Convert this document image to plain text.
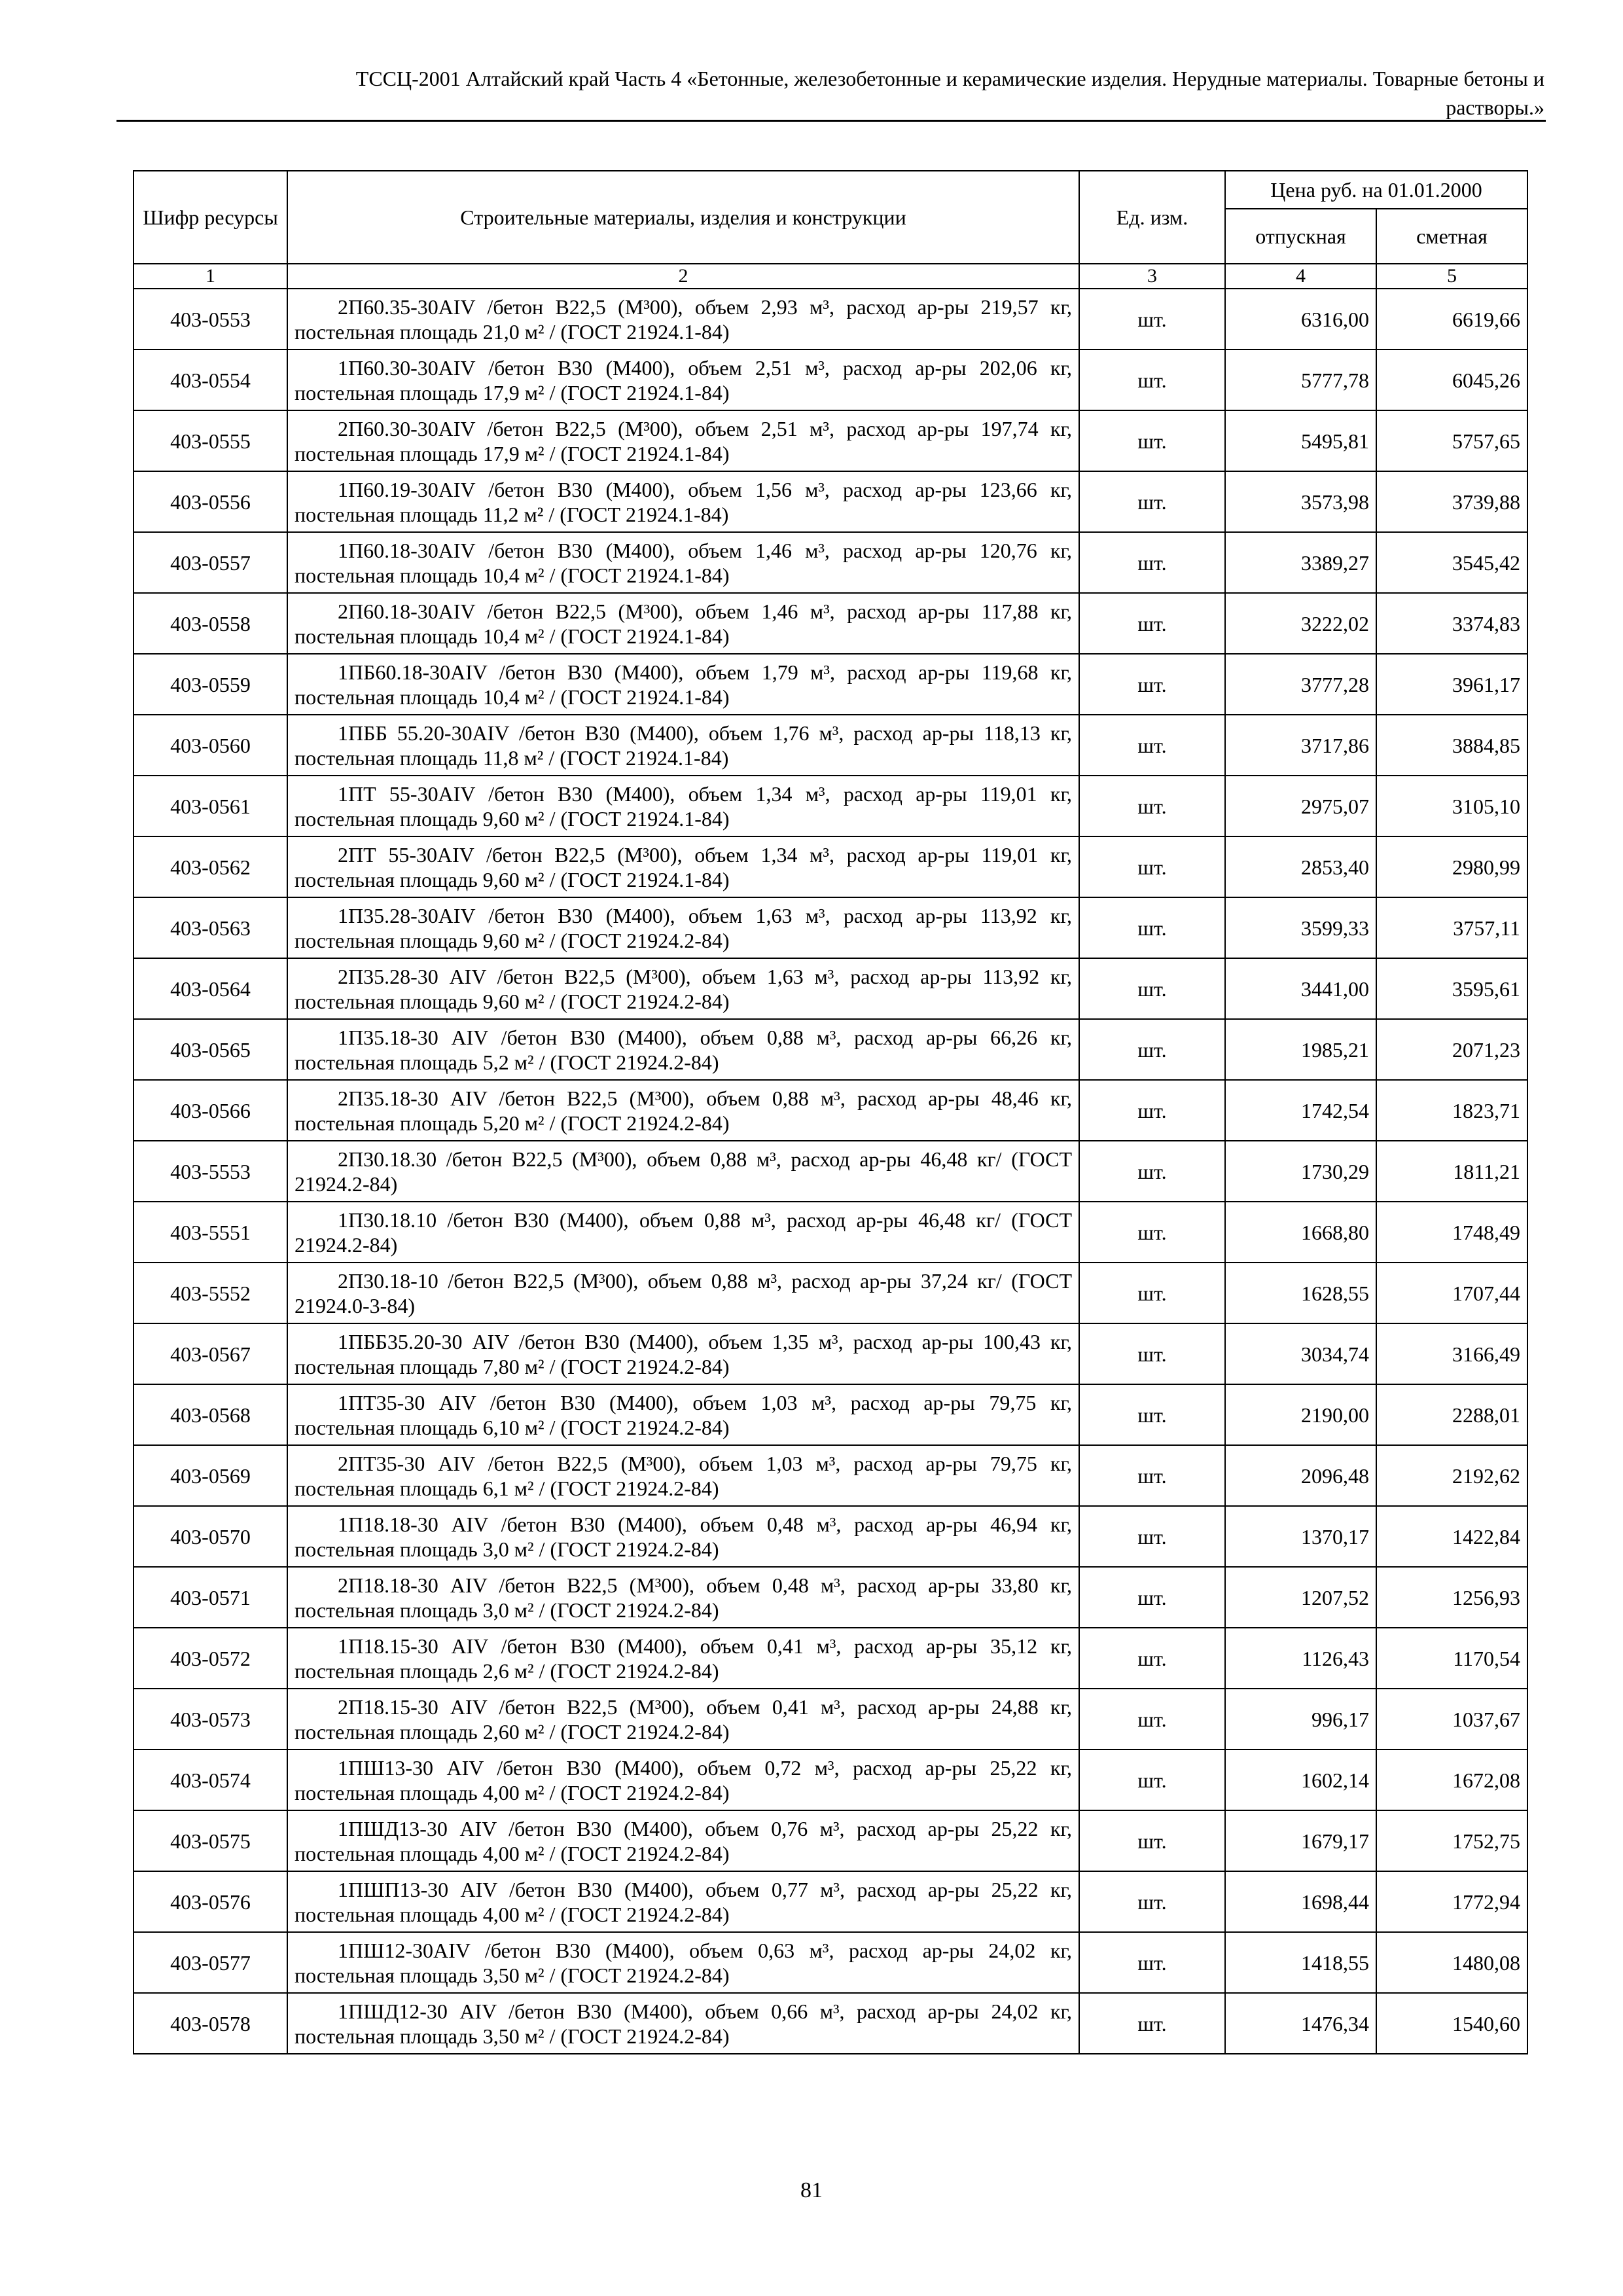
ТССЦ-2001 Алтайский край Часть 4 «Бетонные, железобетонные и керамические изделия. Нерудные материалы. Товарные бетоны и
растворы.»
Шифр ресурсы	Строительные материалы, изделия и конструкции	Ед. изм.	Цена руб. на 01.01.2000	
			отпускная	сметная
1	2	3	4	5
403-0553	2П60.35-30AIV /бетон В22,5 (М³00), объем 2,93 м³, расход ар-ры 219,57 кг, постельная площадь 21,0 м² / (ГОСТ 21924.1-84)	шт.	6316,00	6619,66
403-0554	1П60.30-30AIV /бетон В30 (М400), объем 2,51 м³, расход ар-ры 202,06 кг, постельная площадь 17,9 м² / (ГОСТ 21924.1-84)	шт.	5777,78	6045,26
403-0555	2П60.30-30AIV /бетон В22,5 (М³00), объем 2,51 м³, расход ар-ры 197,74 кг, постельная площадь 17,9 м² / (ГОСТ 21924.1-84)	шт.	5495,81	5757,65
403-0556	1П60.19-30AIV /бетон В30 (М400), объем 1,56 м³, расход ар-ры 123,66 кг, постельная площадь 11,2 м² / (ГОСТ 21924.1-84)	шт.	3573,98	3739,88
403-0557	1П60.18-30AIV /бетон В30 (М400), объем 1,46 м³, расход ар-ры 120,76 кг, постельная площадь 10,4 м² / (ГОСТ 21924.1-84)	шт.	3389,27	3545,42
403-0558	2П60.18-30AIV /бетон В22,5 (М³00), объем 1,46 м³, расход ар-ры 117,88 кг, постельная площадь 10,4 м² / (ГОСТ 21924.1-84)	шт.	3222,02	3374,83
403-0559	1ПБ60.18-30AIV /бетон В30 (М400), объем 1,79 м³, расход ар-ры 119,68 кг, постельная площадь 10,4 м² / (ГОСТ 21924.1-84)	шт.	3777,28	3961,17
403-0560	1ПББ 55.20-30AIV /бетон В30 (М400), объем 1,76 м³, расход ар-ры 118,13 кг, постельная площадь 11,8 м² / (ГОСТ 21924.1-84)	шт.	3717,86	3884,85
403-0561	1ПТ 55-30AIV /бетон В30 (М400), объем 1,34 м³, расход ар-ры 119,01 кг, постельная площадь 9,60 м² / (ГОСТ 21924.1-84)	шт.	2975,07	3105,10
403-0562	2ПТ 55-30AIV /бетон В22,5 (М³00), объем 1,34 м³, расход ар-ры 119,01 кг, постельная площадь 9,60 м² / (ГОСТ 21924.1-84)	шт.	2853,40	2980,99
403-0563	1П35.28-30AIV /бетон В30 (М400), объем 1,63 м³, расход ар-ры 113,92 кг, постельная площадь 9,60 м² / (ГОСТ 21924.2-84)	шт.	3599,33	3757,11
403-0564	2П35.28-30 AIV /бетон В22,5 (М³00), объем 1,63 м³, расход ар-ры 113,92 кг, постельная площадь 9,60 м² / (ГОСТ 21924.2-84)	шт.	3441,00	3595,61
403-0565	1П35.18-30 AIV /бетон В30 (М400), объем 0,88 м³, расход ар-ры 66,26 кг, постельная площадь 5,2 м² / (ГОСТ 21924.2-84)	шт.	1985,21	2071,23
403-0566	2П35.18-30 AIV /бетон В22,5 (М³00), объем 0,88 м³, расход ар-ры 48,46 кг, постельная площадь 5,20 м² / (ГОСТ 21924.2-84)	шт.	1742,54	1823,71
403-5553	2П30.18.30 /бетон В22,5 (М³00), объем 0,88 м³, расход ар-ры 46,48 кг/ (ГОСТ 21924.2-84)	шт.	1730,29	1811,21
403-5551	1П30.18.10 /бетон В30 (М400), объем 0,88 м³, расход ар-ры 46,48 кг/ (ГОСТ 21924.2-84)	шт.	1668,80	1748,49
403-5552	2П30.18-10 /бетон В22,5 (М³00), объем 0,88 м³, расход ар-ры 37,24 кг/ (ГОСТ 21924.0-3-84)	шт.	1628,55	1707,44
403-0567	1ПББ35.20-30 AIV /бетон В30 (М400), объем 1,35 м³, расход ар-ры 100,43 кг, постельная площадь 7,80 м² / (ГОСТ 21924.2-84)	шт.	3034,74	3166,49
403-0568	1ПТ35-30 AIV /бетон В30 (М400), объем 1,03 м³, расход ар-ры 79,75 кг, постельная площадь 6,10 м² / (ГОСТ 21924.2-84)	шт.	2190,00	2288,01
403-0569	2ПТ35-30 AIV /бетон В22,5 (М³00), объем 1,03 м³, расход ар-ры 79,75 кг, постельная площадь 6,1 м² / (ГОСТ 21924.2-84)	шт.	2096,48	2192,62
403-0570	1П18.18-30 AIV /бетон В30 (М400), объем 0,48 м³, расход ар-ры 46,94 кг, постельная площадь 3,0 м² / (ГОСТ 21924.2-84)	шт.	1370,17	1422,84
403-0571	2П18.18-30 AIV /бетон В22,5 (М³00), объем 0,48 м³, расход ар-ры 33,80 кг, постельная площадь 3,0 м² / (ГОСТ 21924.2-84)	шт.	1207,52	1256,93
403-0572	1П18.15-30 AIV /бетон В30 (М400), объем 0,41 м³, расход ар-ры 35,12 кг, постельная площадь 2,6 м² / (ГОСТ 21924.2-84)	шт.	1126,43	1170,54
403-0573	2П18.15-30 AIV /бетон В22,5 (М³00), объем 0,41 м³, расход ар-ры 24,88 кг, постельная площадь 2,60 м² / (ГОСТ 21924.2-84)	шт.	996,17	1037,67
403-0574	1ПШ13-30 AIV /бетон В30 (М400), объем 0,72 м³, расход ар-ры 25,22 кг, постельная площадь 4,00 м² / (ГОСТ 21924.2-84)	шт.	1602,14	1672,08
403-0575	1ПШД13-30 AIV /бетон В30 (М400), объем 0,76 м³, расход ар-ры 25,22 кг, постельная площадь 4,00 м² / (ГОСТ 21924.2-84)	шт.	1679,17	1752,75
403-0576	1ПШП13-30 AIV /бетон В30 (М400), объем 0,77 м³, расход ар-ры 25,22 кг, постельная площадь 4,00 м² / (ГОСТ 21924.2-84)	шт.	1698,44	1772,94
403-0577	1ПШ12-30AIV /бетон В30 (М400), объем 0,63 м³, расход ар-ры 24,02 кг, постельная площадь 3,50 м² / (ГОСТ 21924.2-84)	шт.	1418,55	1480,08
403-0578	1ПШД12-30 AIV /бетон В30 (М400), объем 0,66 м³, расход ар-ры 24,02 кг, постельная площадь 3,50 м² / (ГОСТ 21924.2-84)	шт.	1476,34	1540,60
81
